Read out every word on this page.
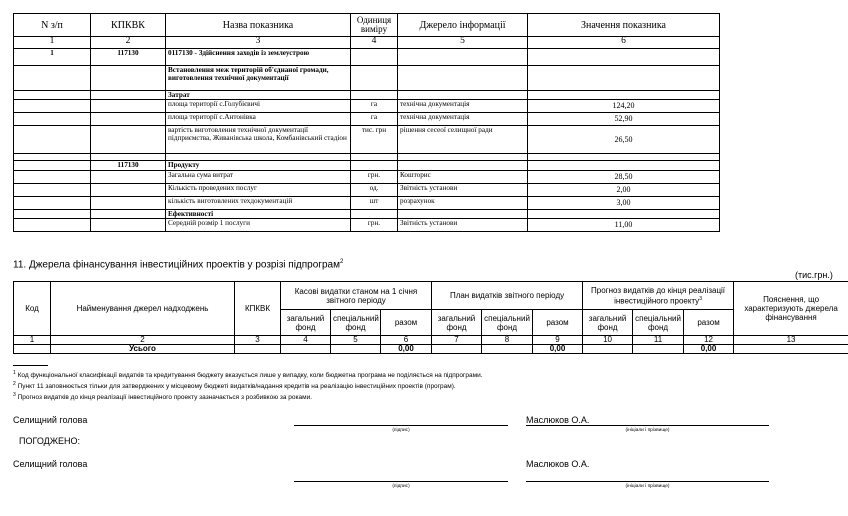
N з/п	КПКВК	Назва показника	Одиниця виміру	Джерело інформації	Значення показника
1	2	3	4	5	6
1	117130	0117130 - Здійснення заходів із землеустрою			
		Встановлення меж територій об'єднаної громади, виготовлення технічної документації			
		Затрат			
		площа території с.Голубієвичі	га	технічна документація	124,20
		площа території с.Антонівка	га	технічна документація	52,90
		вартість виготовлення технічної документації підприємства, Живанівська школа, Комбанівський стадіон	тис. грн	рішення сесеої селищної ради	26,50

	117130	Продукту			
		Загальна сума витрат	грн.	Кошторис	28,50
		Кількість проведених послуг	од.	Звітність установи	2,00
		кількість виготовлених техдокументацій	шт	розрахунок	3,00
		Ефективності			
		Середній розмір 1 послуги	грн.	Звітність установи	11,00
11. Джерела фінансування інвестиційних проектів у розрізі підпрограм$^2$
(тис.грн.)
Код	Найменування джерел надходжень	КПКВК	Касові видатки станом на 1 січня звітного періоду			План видатків звітного періоду			Прогноз видатків до кінця реалізації інвестиційного проекту$^3$			Пояснення, що характеризують джерела фінансування
			загальний фонд	спеціальний фонд	разом	загальний фонд	спеціальний фонд	разом	загальний фонд	спеціальний фонд	разом	
1	2	3	4	5	6	7	8	9	10	11	12	13
	Усього				0,00			0,00			0,00	
$^1$ Код функціональної класифікації видатків та кредитування бюджету вказується лише у випадку, коли бюджетна програма не поділяється на підпрограми.
$^2$ Пункт 11 заповнюється тільки для затверджених у місцевому бюджеті видатків/надання кредитів на реалізацію інвестиційних проектів (програм).
$^3$ Прогноз видатків до кінця реалізації інвестиційного проекту зазначається з розбивкою за роками.
Селищний голова
(підпис)
Маслюков О.А.
(ініціали і прізвище)
ПОГОДЖЕНО:
Селищний голова
(підпис)
Маслюков О.А.
(ініціали і прізвище)
